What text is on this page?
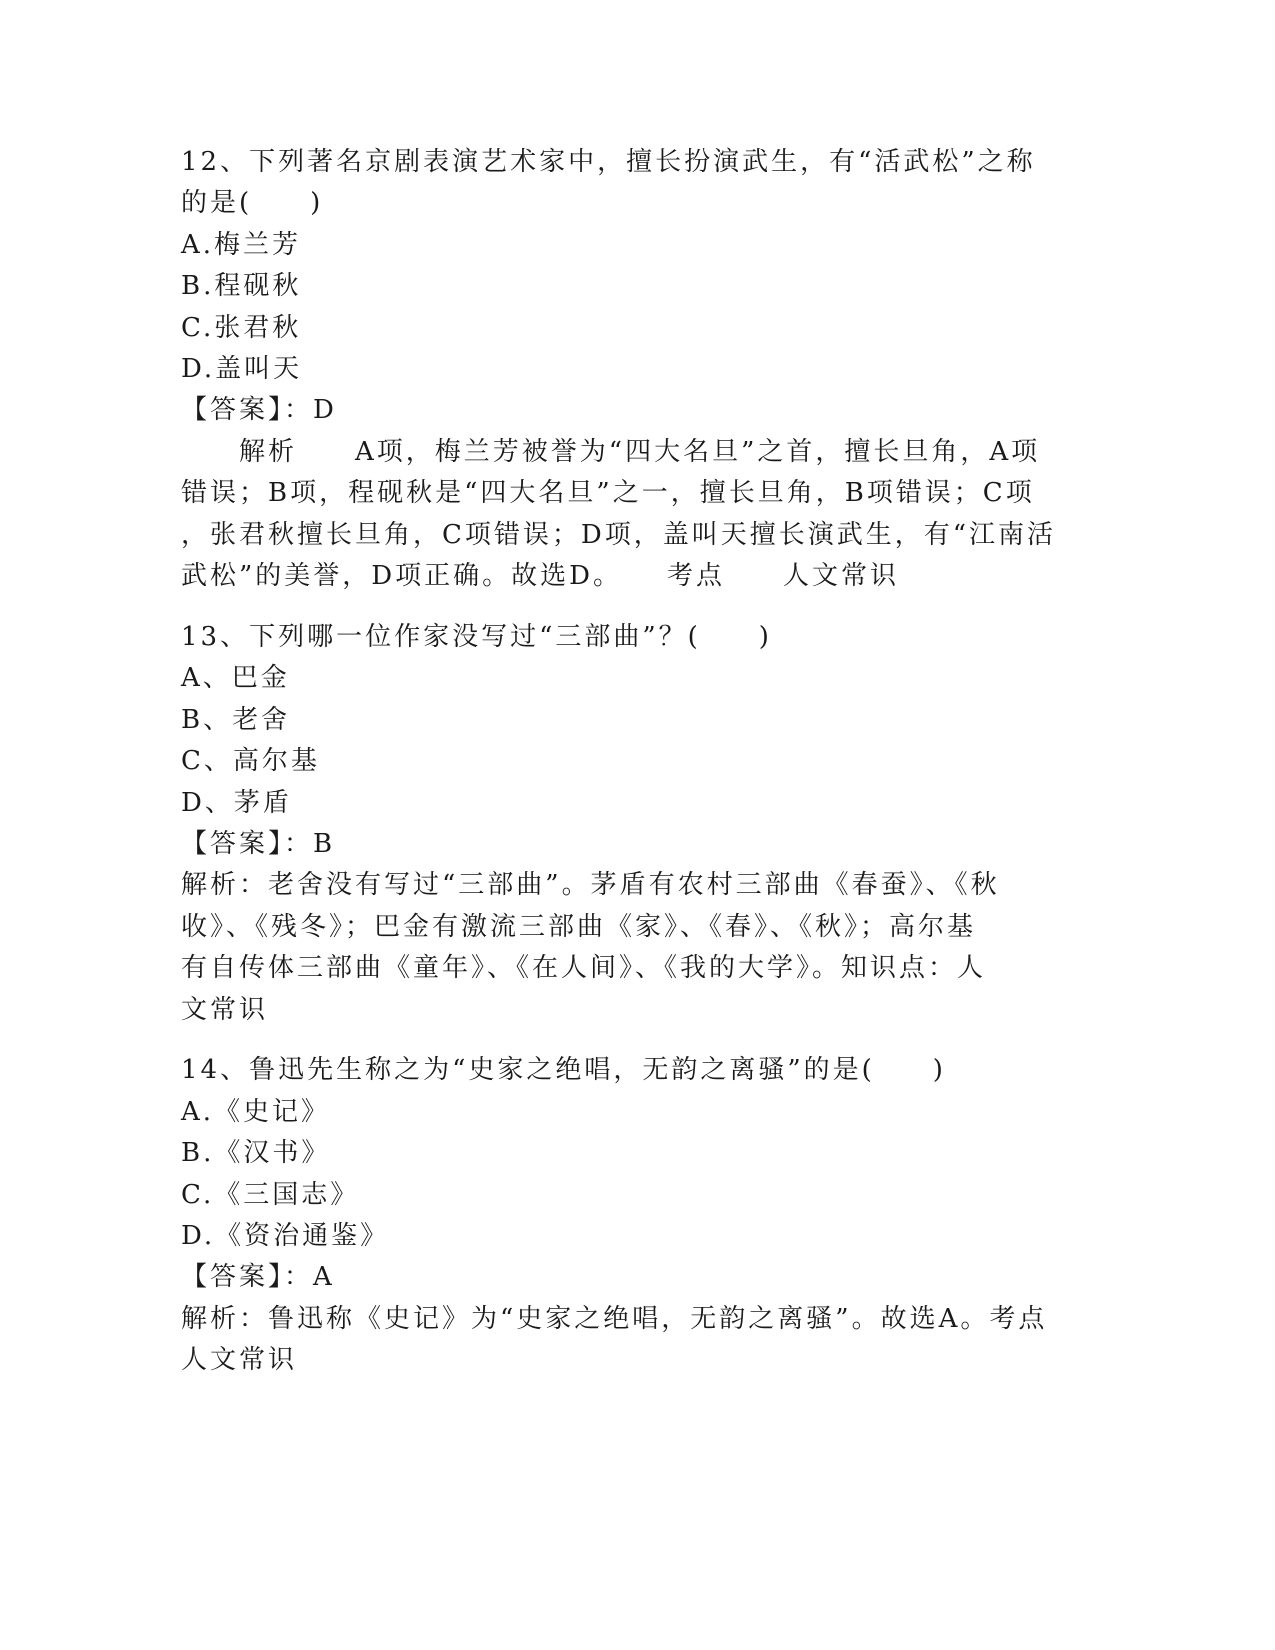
12、下列著名京剧表演艺术家中，擅长扮演武生，有“活武松”之称
的是(　　)
A.梅兰芳
B.程砚秋
C.张君秋
D.盖叫天
【答案】：D
　　解析　　A项，梅兰芳被誉为“四大名旦”之首，擅长旦角，A项
错误；B项，程砚秋是“四大名旦”之一，擅长旦角，B项错误；C项
，张君秋擅长旦角，C项错误；D项，盖叫天擅长演武生，有“江南活
武松”的美誉，D项正确。故选D。　　考点　　人文常识
13、下列哪一位作家没写过“三部曲”？(　　)
A、巴金
B、老舍
C、高尔基
D、茅盾
【答案】：B
解析：老舍没有写过“三部曲”。茅盾有农村三部曲《春蚕》、《秋
收》、《残冬》；巴金有激流三部曲《家》、《春》、《秋》；高尔基
有自传体三部曲《童年》、《在人间》、《我的大学》。知识点：人
文常识
14、鲁迅先生称之为“史家之绝唱，无韵之离骚”的是(　　)
A.《史记》
B.《汉书》
C.《三国志》
D.《资治通鉴》
【答案】：A
解析：鲁迅称《史记》为“史家之绝唱，无韵之离骚”。故选A。考点
人文常识
